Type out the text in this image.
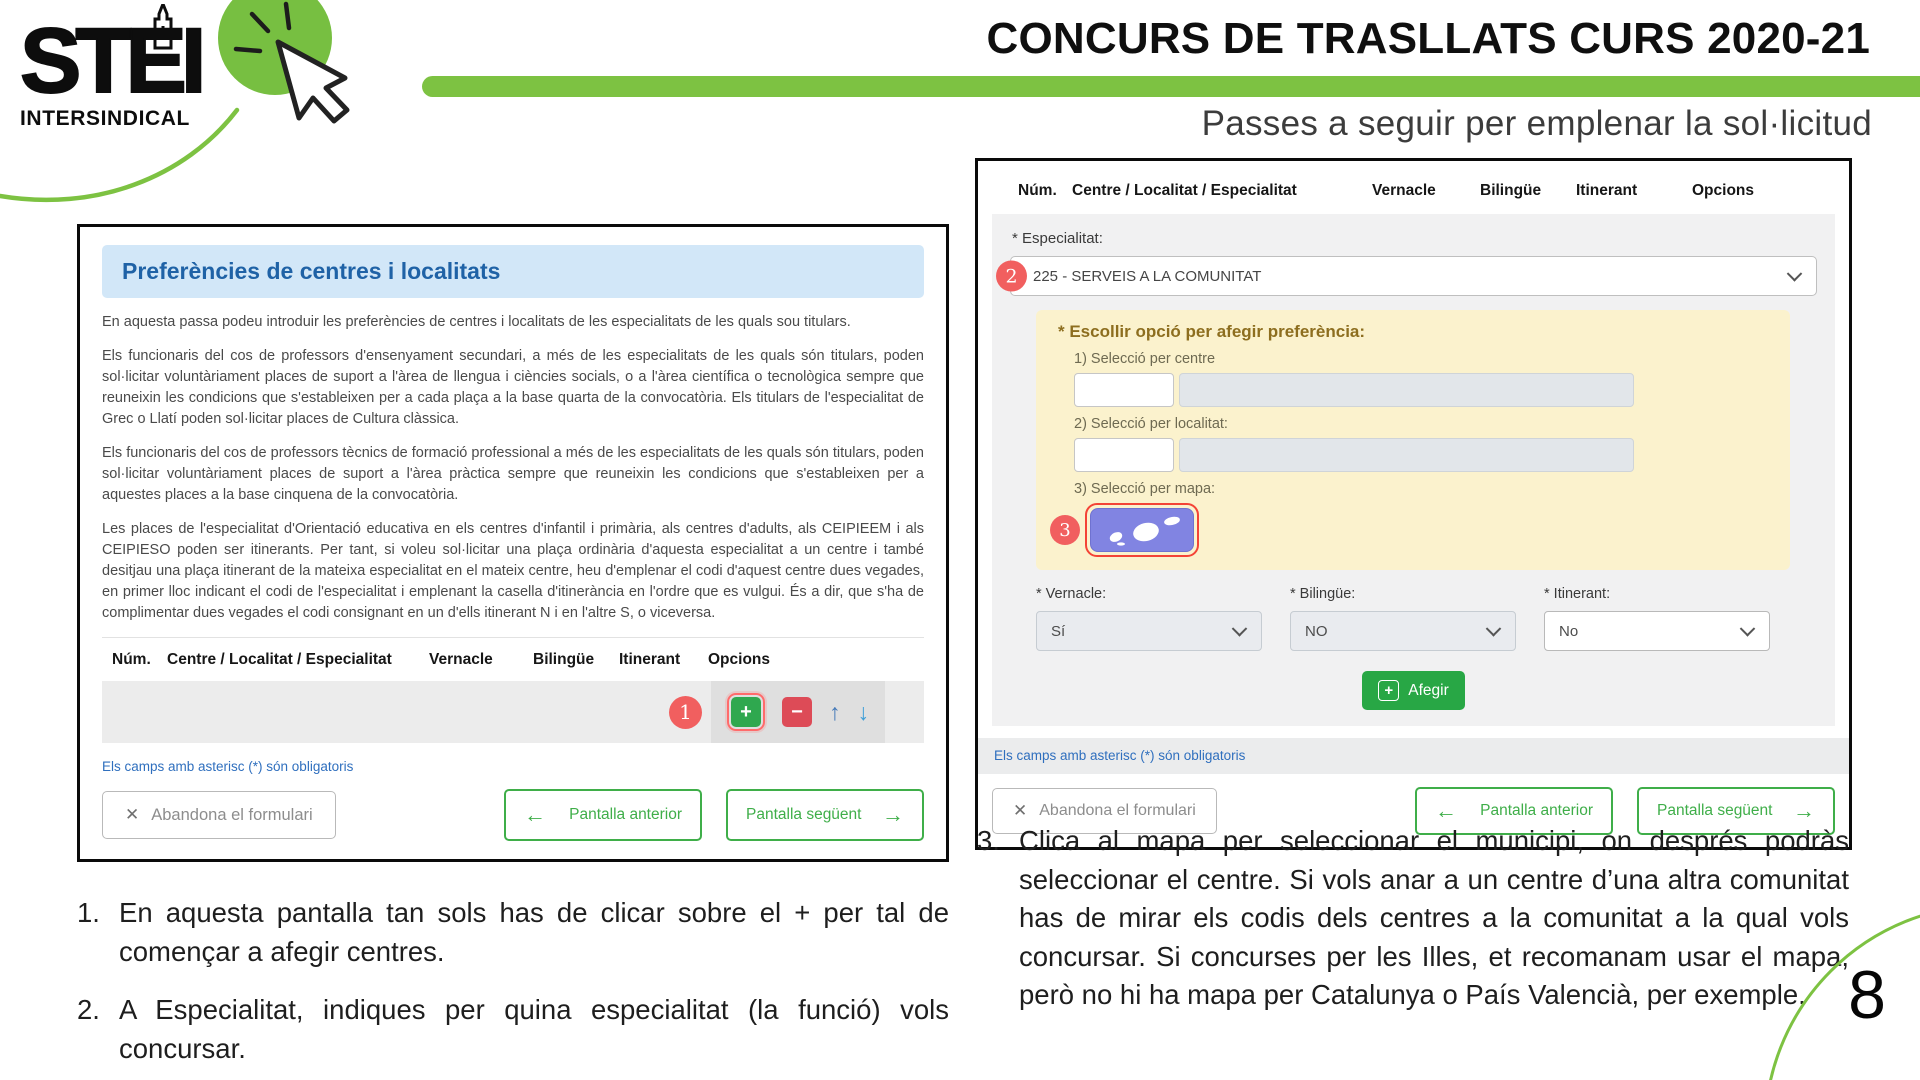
STEI
INTERSINDICAL
CONCURS DE TRASLLATS CURS 2020-21
Passes a seguir per emplenar la sol·licitud
Preferències de centres i localitats

En aquesta passa podeu introduir les preferències de centres i localitats de les especialitats de les quals sou titulars.

Els funcionaris del cos de professors d'ensenyament secundari, a més de les especialitats de les quals són titulars, poden sol·licitar voluntàriament places de suport a l'àrea de llengua i ciències socials, o a l'àrea científica o tecnològica sempre que reuneixin les condicions que s'estableixen per a cada plaça a la base quarta de la convocatòria. Els titulars de l'especialitat de Grec o Llatí poden sol·licitar places de Cultura clàssica.

Els funcionaris del cos de professors tècnics de formació professional a més de les especialitats de les quals són titulars, poden sol·licitar voluntàriament places de suport a l'àrea pràctica sempre que reuneixin les condicions que s'estableixen per a aquestes places a la base cinquena de la convocatòria.

Les places de l'especialitat d'Orientació educativa en els centres d'infantil i primària, als centres d'adults, als CEIPIEEM i als CEIPIESO poden ser itinerants. Per tant, si voleu sol·licitar una plaça ordinària d'aquesta especialitat a un centre i també desitjau una plaça itinerant de la mateixa especialitat en el mateix centre, heu d'emplenar el codi d'aquest centre dues vegades, en primer lloc indicant el codi de l'especialitat i emplenant la casella d'itinerància en l'ordre que es vulgui. És a dir, que s'ha de complimentar dues vegades el codi consignant en un d'ells itinerant N i en l'altre S, o viceversa.

Núm.	Centre / Localitat / Especialitat	Vernacle	Bilingüe	Itinerant	Opcions
1	+	−	↑ ↓
Els camps amb asterisc (*) són obligatoris
✕ Abandona el formulari	← Pantalla anterior	Pantalla següent →
Núm. Centre / Localitat / Especialitat	Vernacle	Bilingüe	Itinerant	Opcions
* Especialitat:
2	225 - SERVEIS A LA COMUNITAT
* Escollir opció per afegir preferència:
1) Selecció per centre
2) Selecció per localitat:
3) Selecció per mapa:
3
* Vernacle:
Sí
* Bilingüe:
NO
* Itinerant:
No
+ Afegir
Els camps amb asterisc (*) són obligatoris
✕ Abandona el formulari	← Pantalla anterior	Pantalla següent →
1. En aquesta pantalla tan sols has de clicar sobre el + per tal de començar a afegir centres.
2. A Especialitat, indiques per quina especialitat (la funció) vols concursar.
3. Clica al mapa per seleccionar el municipi, on després podràs seleccionar el centre. Si vols anar a un centre d’una altra comunitat has de mirar els codis dels centres a la comunitat a la qual vols concursar. Si concurses per les Illes, et recomanam usar el mapa, però no hi ha mapa per Catalunya o País Valencià, per exemple. 8
